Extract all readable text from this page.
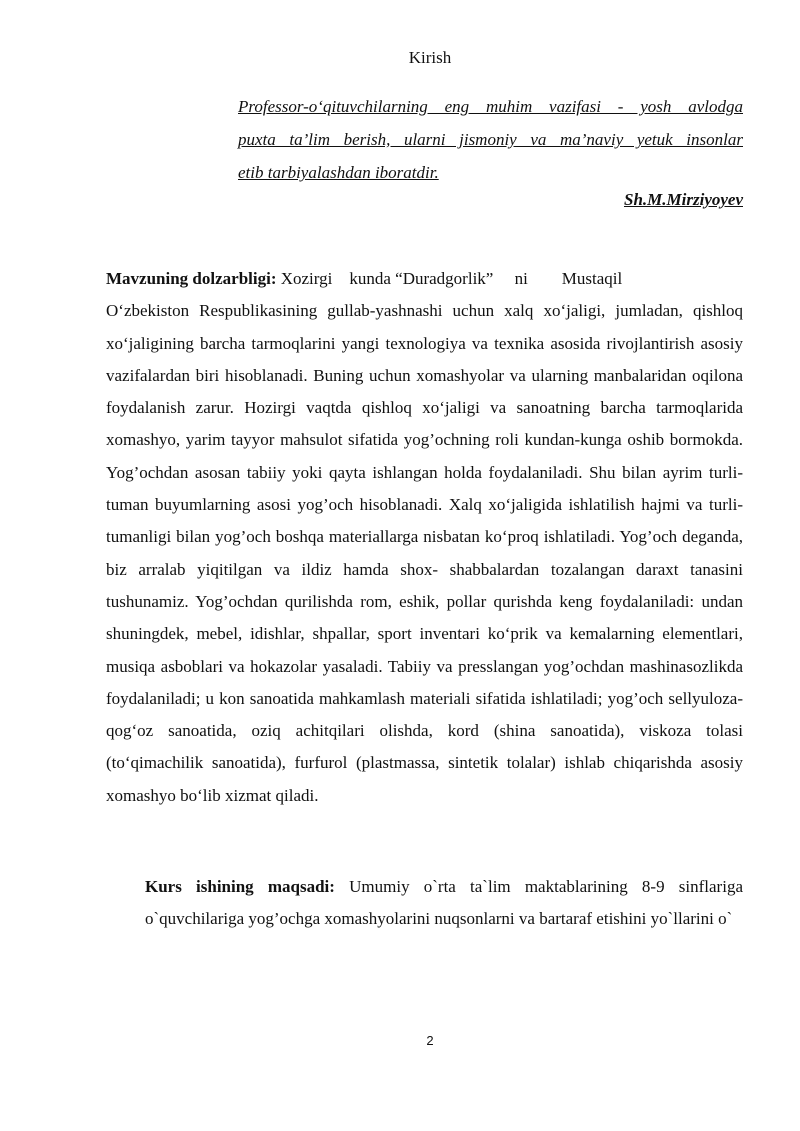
Kirish
Professor-o‘qituvchilarning eng muhim vazifasi - yosh avlodga
puxta ta’lim berish, ularni jismoniy va ma’naviy yetuk insonlar
etib tarbiyalashdan iboratdir.
Sh.M.Mirziyoyev
Mavzuning dolzarbligi: Xozirgi    kunda “Duradgorlik”     ni        Mustaqil
O‘zbekiston Respublikasining gullab-yashnashi uchun xalq xo‘jaligi, jumladan, qishloq xo‘jaligining barcha tarmoqlarini yangi texnologiya va texnika asosida rivojlantirish asosiy vazifalardan biri hisoblanadi. Buning uchun xomashyolar va ularning manbalaridan oqilona foydalanish zarur. Hozirgi vaqtda qishloq xo‘jaligi va sanoatning barcha tarmoqlarida xomashyo, yarim tayyor mahsulot sifatida yog’ochning roli kundan-kunga oshib bormokda. Yog’ochdan asosan tabiiy yoki qayta ishlangan holda foydalaniladi. Shu bilan ayrim turli-tuman buyumlarning asosi yog’och hisoblanadi. Xalq xo‘jaligida ishlatilish hajmi va turli-tumanligi bilan yog’och boshqa materiallarga nisbatan ko‘proq ishlatiladi. Yog’och deganda, biz arralab yiqitilgan va ildiz hamda shox- shabbalardan tozalangan daraxt tanasini tushunamiz. Yog’ochdan qurilishda rom, eshik, pollar qurishda keng foydalaniladi: undan shuningdek, mebel, idishlar, shpallar, sport inventari ko‘prik va kemalarning elementlari, musiqa asboblari va hokazolar yasaladi. Tabiiy va presslangan yog’ochdan mashinasozlikda foydalaniladi; u kon sanoatida mahkamlash materiali sifatida ishlatiladi; yog’och sellyuloza-qog‘oz sanoatida, oziq achitqilari olishda, kord (shina sanoatida), viskoza tolasi (to‘qimachilik sanoatida), furfurol (plastmassa, sintetik tolalar) ishlab chiqarishda asosiy xomashyo bo‘lib xizmat qiladi.
Kurs ishining maqsadi: Umumiy o`rta ta`lim maktablarining 8-9 sinflariga o`quvchilariga yog’ochga xomashyolarini nuqsonlarni va bartaraf etishini yo`llarini o`
2
